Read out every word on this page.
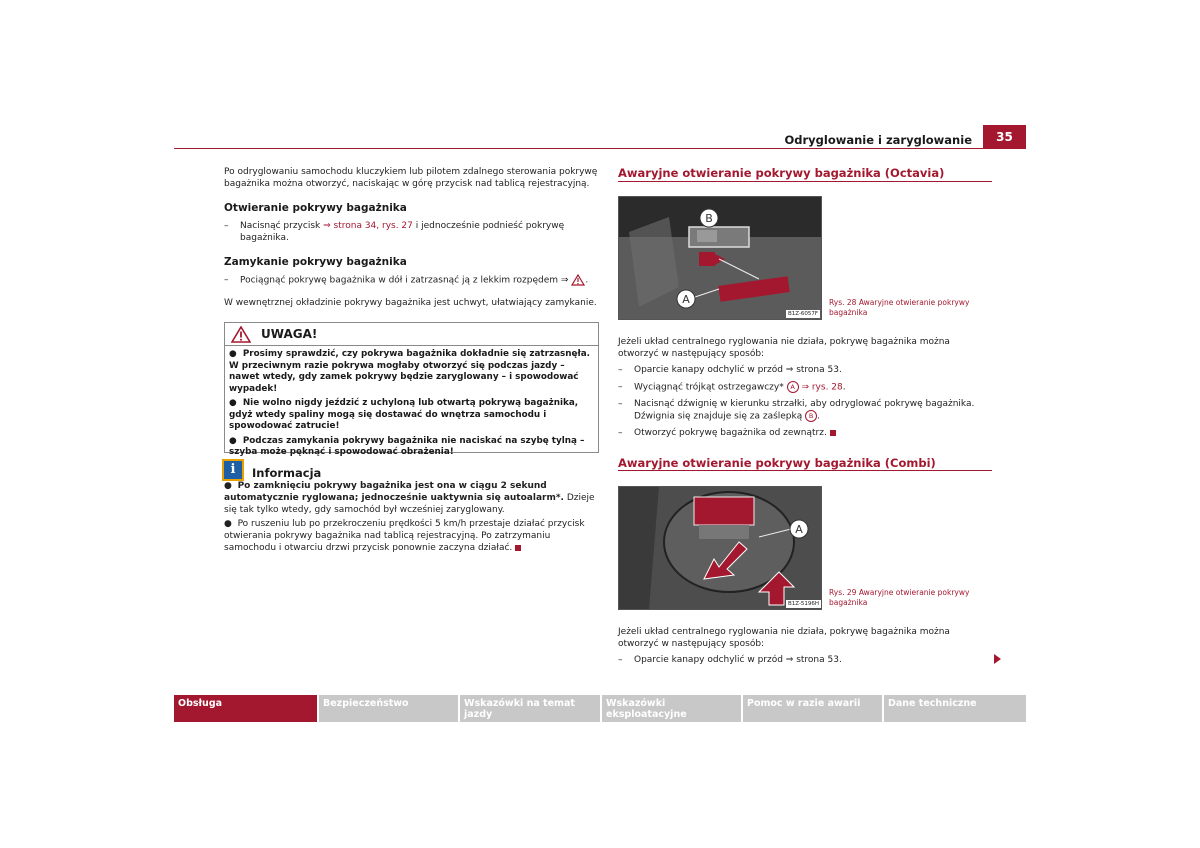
Odryglowanie i zaryglowanie	35
Po odryglowaniu samochodu kluczykiem lub pilotem zdalnego sterowania pokrywę bagażnika można otworzyć, naciskając w górę przycisk nad tablicą rejestracyjną.
Otwieranie pokrywy bagażnika
–	Nacisnąć przycisk ⇒ strona 34, rys. 27 i jednocześnie podnieść pokrywę bagażnika.
Zamykanie pokrywy bagażnika
–	Pociągnąć pokrywę bagażnika w dół i zatrzasnąć ją z lekkim rozpędem ⇒ .
W wewnętrznej okładzinie pokrywy bagażnika jest uchwyt, ułatwiający zamykanie.
UWAGA!
●  Prosimy sprawdzić, czy pokrywa bagażnika dokładnie się zatrzasnęła. W przeciwnym razie pokrywa mogłaby otworzyć się podczas jazdy – nawet wtedy, gdy zamek pokrywy będzie zaryglowany – i spowodować wypadek!
●  Nie wolno nigdy jeździć z uchyloną lub otwartą pokrywą bagażnika, gdyż wtedy spaliny mogą się dostawać do wnętrza samochodu i spowodować zatrucie!
●  Podczas zamykania pokrywy bagażnika nie naciskać na szybę tylną – szyba może pęknąć i spowodować obrażenia!
i	Informacja
●  Po zamknięciu pokrywy bagażnika jest ona w ciągu 2 sekund automatycznie ryglowana; jednocześnie uaktywnia się autoalarm*. Dzieje się tak tylko wtedy, gdy samochód był wcześniej zaryglowany.
●  Po ruszeniu lub po przekroczeniu prędkości 5 km/h przestaje działać przycisk otwierania pokrywy bagażnika nad tablicą rejestracyjną. Po zatrzymaniu samochodu i otwarciu drzwi przycisk ponownie zaczyna działać.
Awaryjne otwieranie pokrywy bagażnika (Octavia)
B
A
B1Z-6057F
Rys. 28 Awaryjne otwieranie pokrywy bagażnika
Jeżeli układ centralnego ryglowania nie działa, pokrywę bagażnika można otworzyć w następujący sposób:
–	Oparcie kanapy odchylić w przód ⇒ strona 53.
–	Wyciągnąć trójkąt ostrzegawczy* A ⇒ rys. 28.
–	Nacisnąć dźwignię w kierunku strzałki, aby odryglować pokrywę bagażnika.
Dźwignia się znajduje się za zaślepką B .
–	Otworzyć pokrywę bagażnika od zewnątrz.
Awaryjne otwieranie pokrywy bagażnika (Combi)
A
B1Z-5196H
Rys. 29 Awaryjne otwieranie pokrywy bagażnika
Jeżeli układ centralnego ryglowania nie działa, pokrywę bagażnika można otworzyć w następujący sposób:
–	Oparcie kanapy odchylić w przód ⇒ strona 53.
Obsługa	Bezpieczeństwo	Wskazówki na temat jazdy
Wskazówki eksploatacyjne
Pomoc w razie awarii	Dane techniczne
